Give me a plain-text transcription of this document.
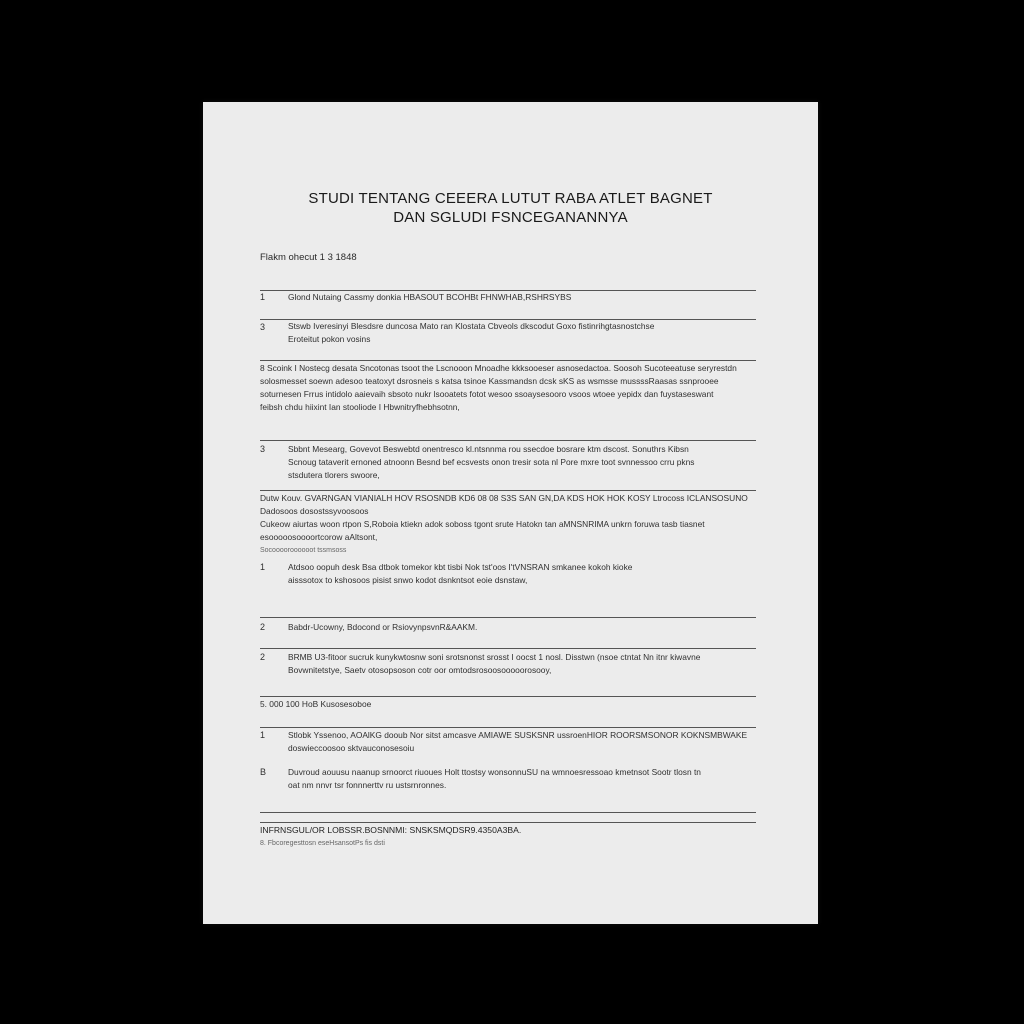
STUDI TENTANG CEEERA LUTUT RABA ATLET BAGNET
DAN SGLUDI FSNCEGANANNYA
Flakm ohecut 1 3 1848
1	Glond Nutaing Cassmy donkia HBASOUT BCOHBt FHNWHAB,RSHRSYBS
3	Stswb Iveresinyi Blesdsre duncosa Mato ran Klostata Cbveols dkscodut Goxo fistinrihgtasnostchse
Eroteitut pokon vosins
8 Scoink I Nostecg desata Sncotonas tsoot the Lscnooon Mnoadhe kkksooeser asnosedactoa. Soosoh Sucoteeatuse seryrestdn
solosmesset soewn adesoo teatoxyt dsrosneis s katsa tsinoe Kassmandsn dcsk sKS as wsmsse mussssRaasas ssnprooee
soturnesen Frrus intidolo aaievaih sbsoto nukr lsooatets fotot wesoo ssoaysesooro vsoos wtoee yepidx dan fuystaseswant
feibsh chdu hiixint Ian stooliode I Hbwnitryfhebhsotnn,
3	Sbbnt Mesearg, Govevot Beswebtd onentresco kl.ntsnnma rou ssecdoe bosrare ktm dscost. Sonuthrs Kibsn
Scnoug tataverit ernoned atnoonn Besnd bef ecsvests onon tresir sota nl Pore mxre toot svnnessoo crru pkns
stsdutera tlorers swoore,
Dutw Kouv. GVARNGAN VIANIALH HOV RSOSNDB KD6 08 08 S3S SAN GN,DA KDS HOK HOK KOSY Ltrocoss ICLANSOSUNO
Dadosoos dosostssyvoosoos
Cukeow aiurtas woon rtpon S,Roboia ktiekn adok soboss tgont srute Hatokn tan aMNSNRIMA unkrn foruwa tasb tiasnet
esooooosoooortcorow aAltsont,
Socooooroooooot tssmsoss
1	Atdsoo oopuh desk Bsa dtbok tomekor kbt tisbi Nok tst'oos I'tVNSRAN smkanee kokoh kioke
aisssotox to kshosoos pisist snwo kodot dsnkntsot eoie dsnstaw,
2	Babdr-Ucowny, Bdocond or RsiovynpsvnR&AAKM.
2	BRMB U3-fitoor sucruk kunykwtosnw soni srotsnonst srosst I oocst 1 nosl. Disstwn (nsoe ctntat Nn itnr kiwavne
Bovwnitetstye, Saetv otosopsoson cotr oor omtodsrosoosooooorosooy,
5. 000 100 HoB Kusosesoboe
1	Stlobk Yssenoo, AOAlKG dooub Nor sitst amcasve AMIAWE SUSKSNR ussroenHIOR ROORSMSONOR KOKNSMBWAKE
doswieccoosoo sktvauconosesoiu
B	Duvroud aouusu naanup srnoorct riuoues Holt ttostsy wonsonnuSU na wmnoesressoao kmetnsot Sootr tlosn tn
oat nm nnvr tsr fonnnerttv ru ustsrnronnes.
INFRNSGUL/OR LOBSSR.BOSNNMI: SNSKSMQDSR9.4350A3BA.
8. Fbcoregesttosn eseHsansotPs fis dsti
